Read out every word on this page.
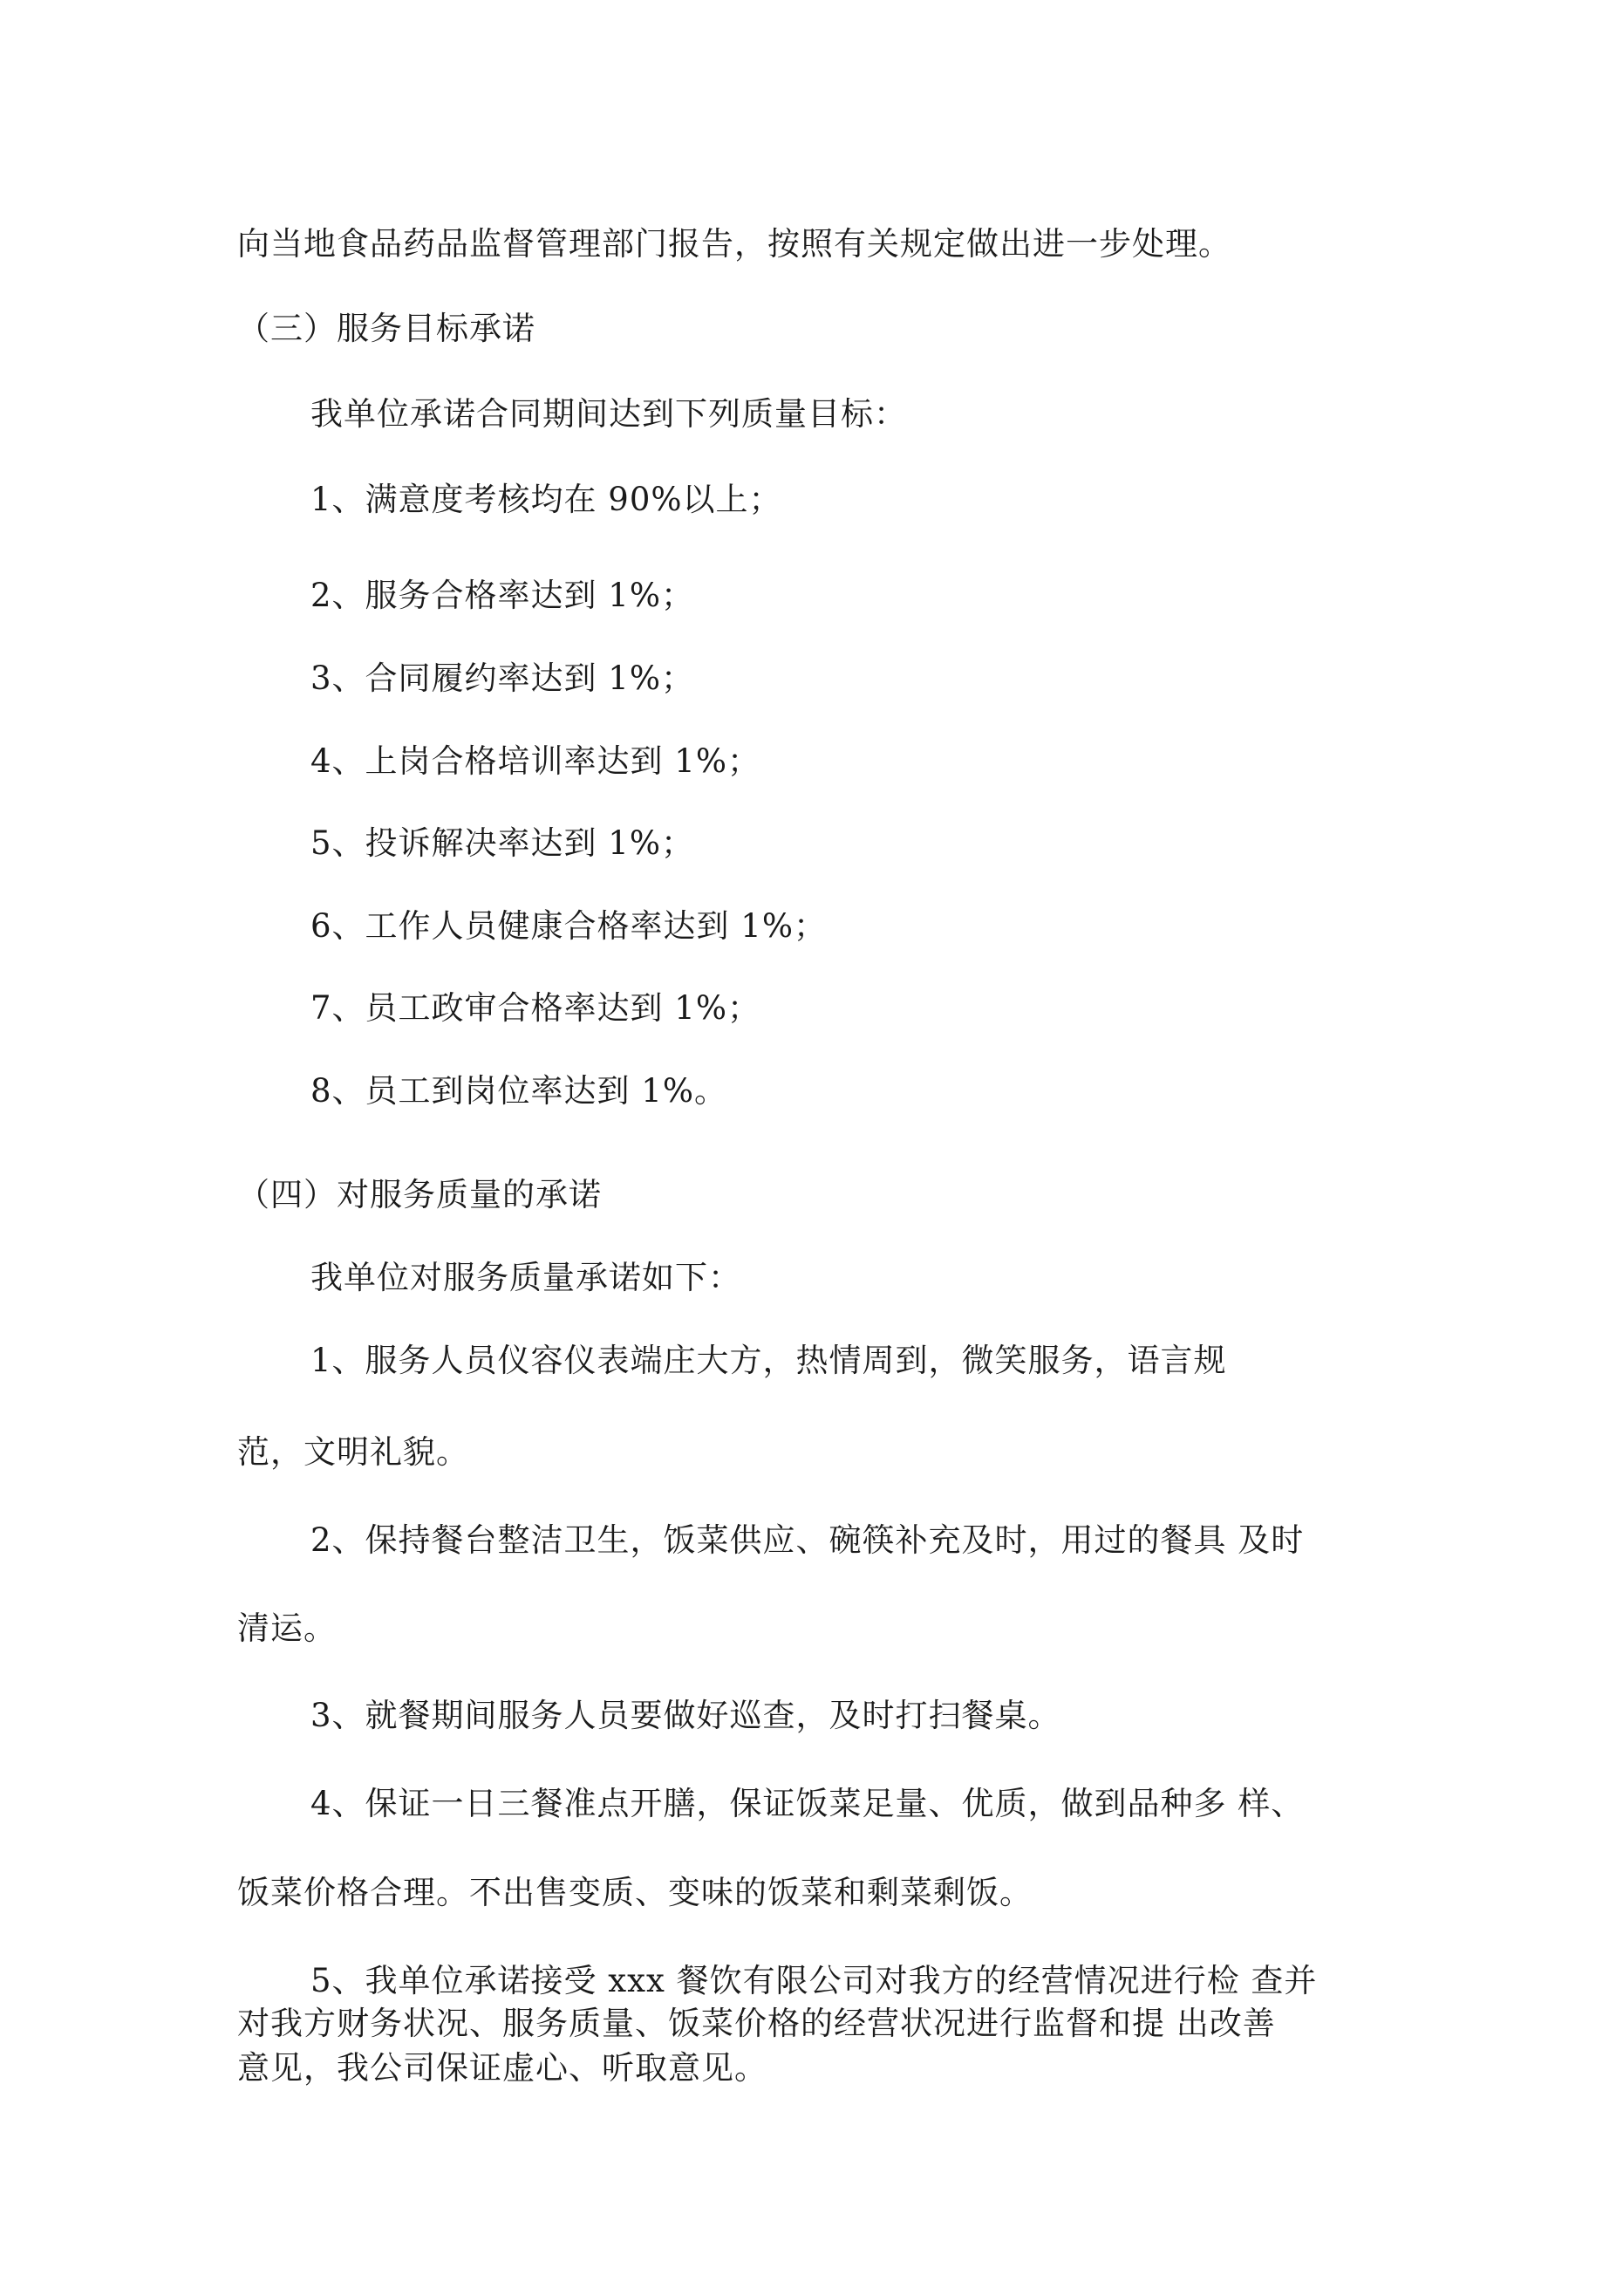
向当地食品药品监督管理部门报告，按照有关规定做出进一步处理。
（三）服务目标承诺
我单位承诺合同期间达到下列质量目标：
1、满意度考核均在 90%以上；
2、服务合格率达到 1%；
3、合同履约率达到 1%；
4、上岗合格培训率达到 1%；
5、投诉解决率达到 1%；
6、工作人员健康合格率达到 1%；
7、员工政审合格率达到 1%；
8、员工到岗位率达到 1%。
（四）对服务质量的承诺
我单位对服务质量承诺如下：
1、服务人员仪容仪表端庄大方，热情周到，微笑服务，语言规
范，文明礼貌。
2、保持餐台整洁卫生，饭菜供应、碗筷补充及时，用过的餐具 及时
清运。
3、就餐期间服务人员要做好巡查，及时打扫餐桌。
4、保证一日三餐准点开膳，保证饭菜足量、优质，做到品种多 样、
饭菜价格合理。不出售变质、变味的饭菜和剩菜剩饭。
5、我单位承诺接受 xxx 餐饮有限公司对我方的经营情况进行检 查并
对我方财务状况、服务质量、饭菜价格的经营状况进行监督和提 出改善
意见，我公司保证虚心、听取意见。
